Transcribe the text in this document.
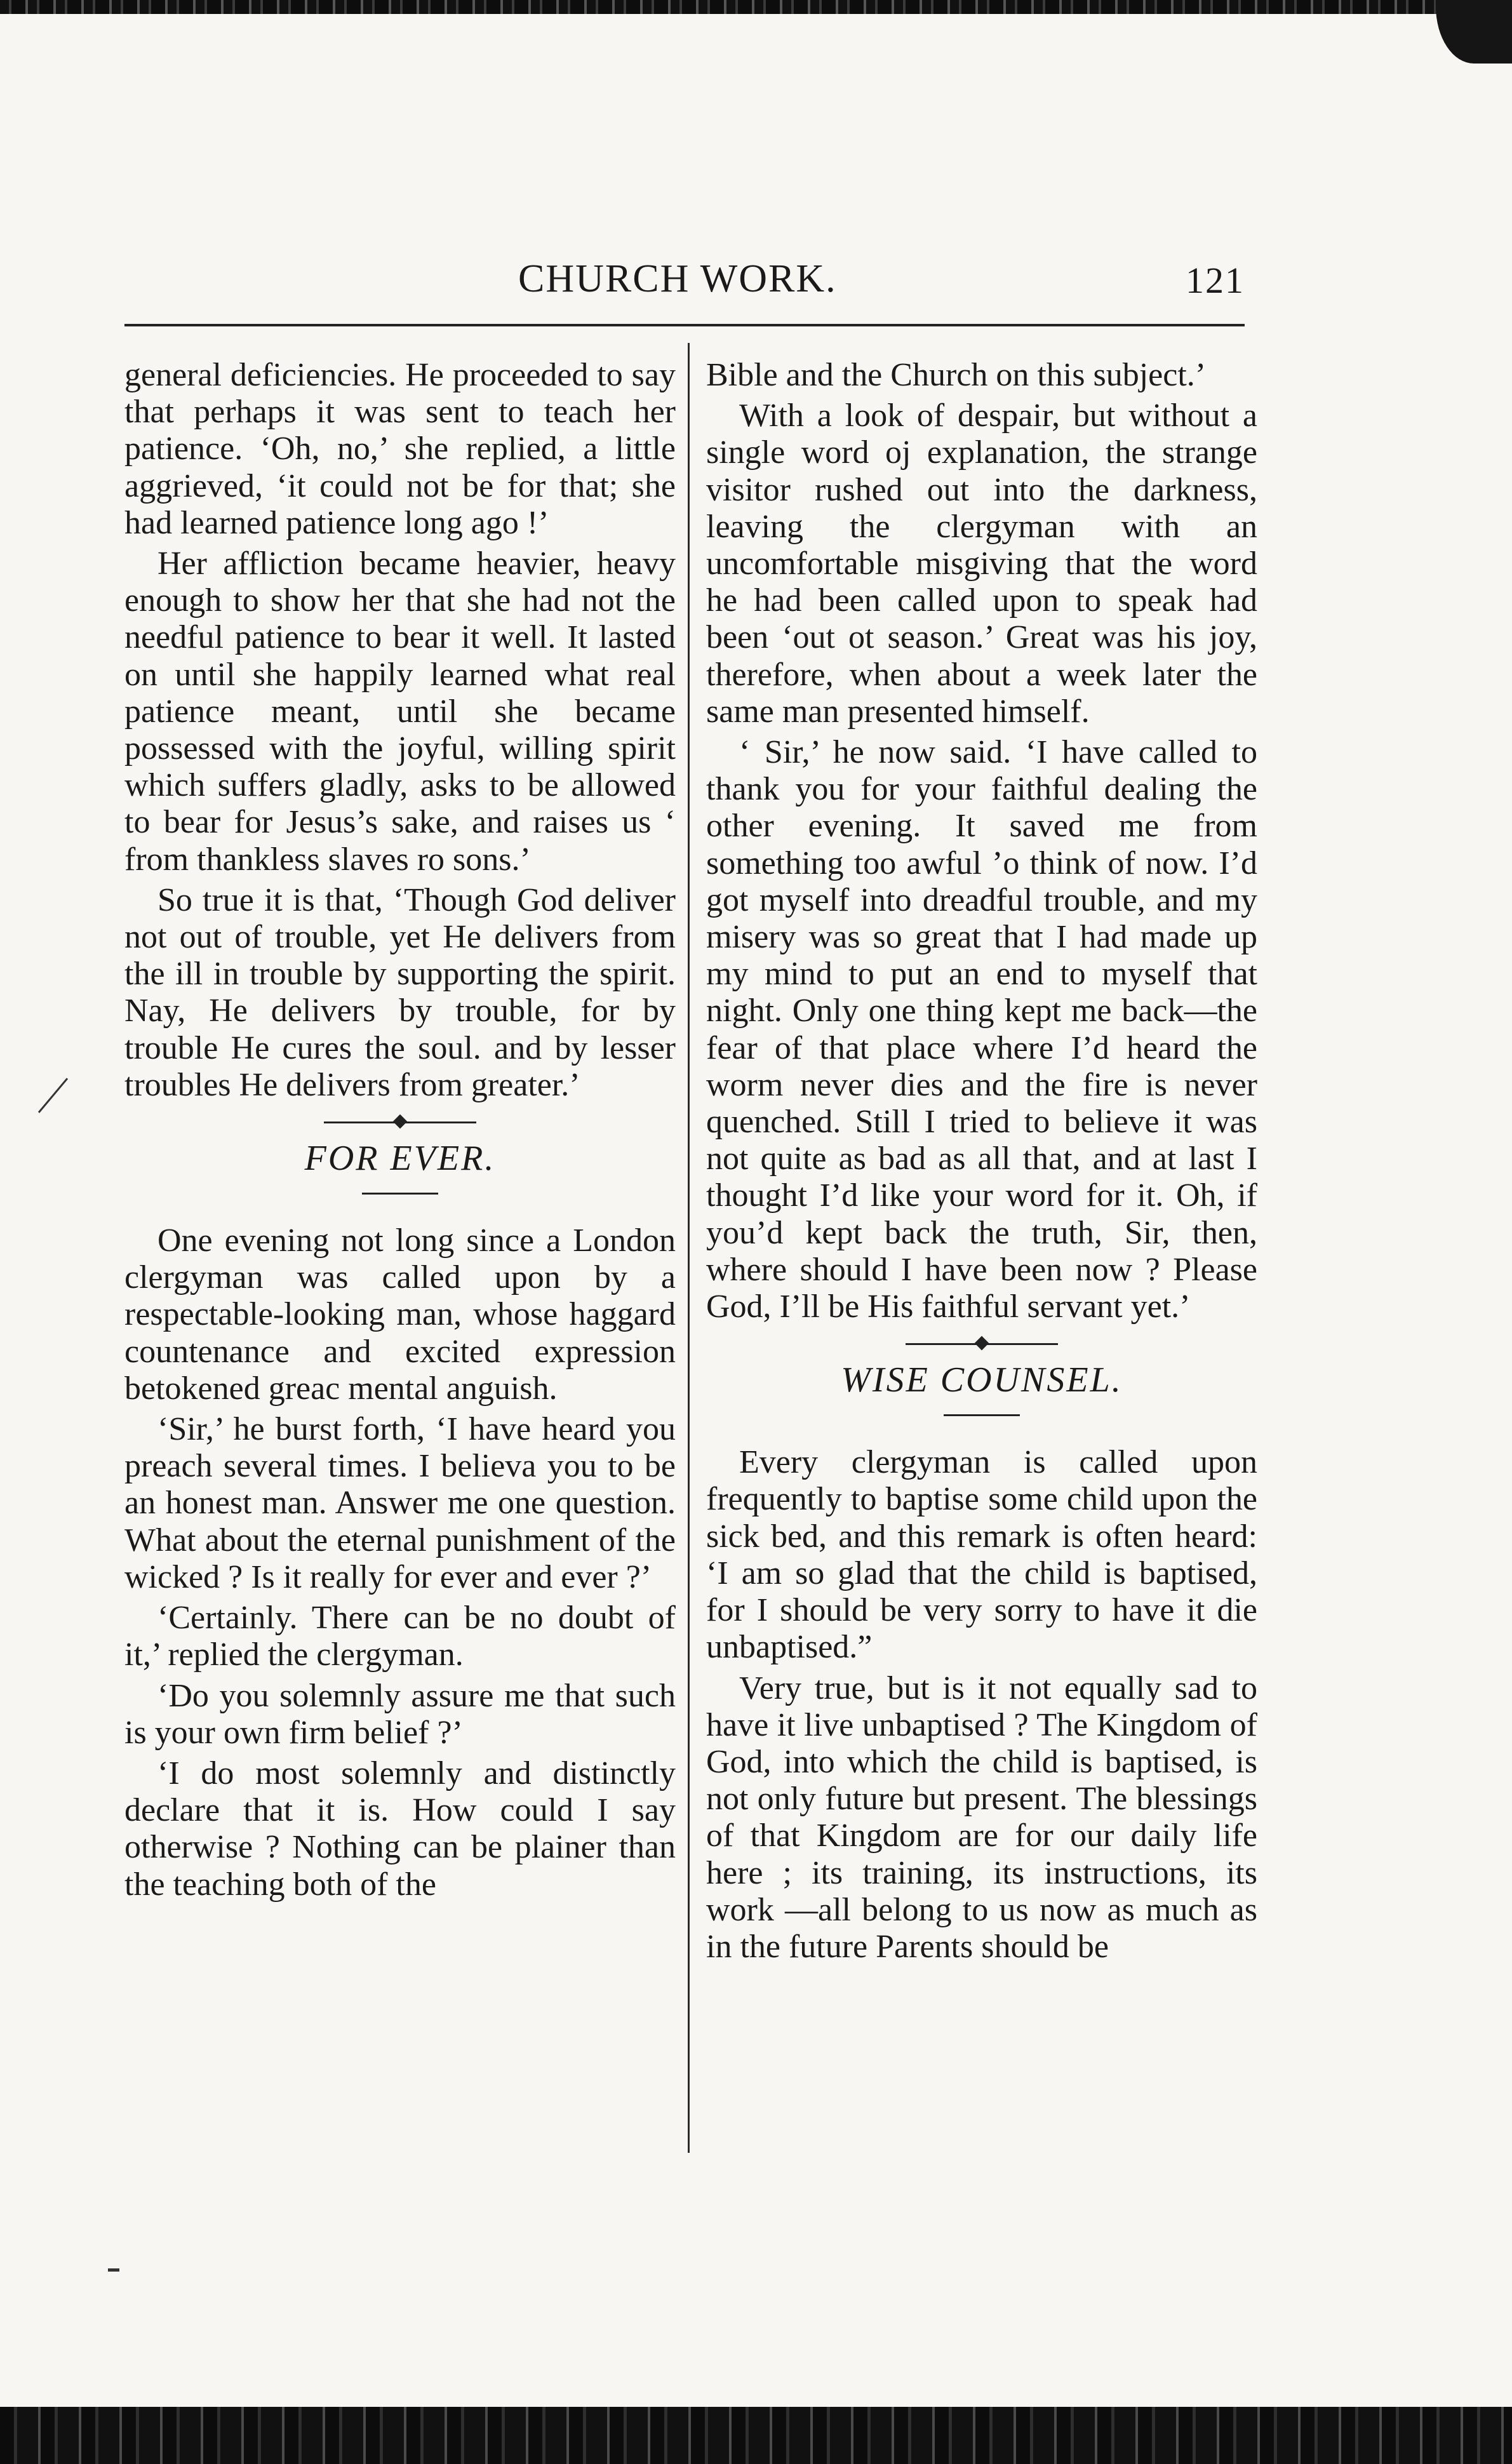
CHURCH WORK.	121

general deficiencies. He proceeded to say that perhaps it was sent to teach her patience. ‘Oh, no,’ she replied, a little aggrieved, ‘it could not be for that; she had learned patience long ago !’

Her affliction became heavier, heavy enough to show her that she had not the needful patience to bear it well. It lasted on until she happily learned what real patience meant, until she became possessed with the joyful, willing spirit which suffers gladly, asks to be allowed to bear for Jesus’s sake, and raises us ‘ from thankless slaves ro sons.’

So true it is that, ‘Though God deliver not out of trouble, yet He delivers from the ill in trouble by supporting the spirit. Nay, He delivers by trouble, for by trouble He cures the soul. and by lesser troubles He delivers from greater.’

FOR EVER.

One evening not long since a London clergyman was called upon by a respectable-looking man, whose haggard countenance and excited expression betokened greac mental anguish.

‘Sir,’ he burst forth, ‘I have heard you preach several times. I believa you to be an honest man. Answer me one question. What about the eternal punishment of the wicked ? Is it really for ever and ever ?’

‘Certainly. There can be no doubt of it,’ replied the clergyman.

‘Do you solemnly assure me that such is your own firm belief ?’

‘I do most solemnly and distinctly declare that it is. How could I say otherwise ? Nothing can be plainer than the teaching both of the

Bible and the Church on this subject.’

With a look of despair, but without a single word oj explanation, the strange visitor rushed out into the darkness, leaving the clergyman with an uncomfortable misgiving that the word he had been called upon to speak had been ‘out ot season.’ Great was his joy, therefore, when about a week later the same man presented himself.

‘ Sir,’ he now said. ‘I have called to thank you for your faithful dealing the other evening. It saved me from something too awful ’o think of now. I’d got myself into dreadful trouble, and my misery was so great that I had made up my mind to put an end to myself that night. Only one thing kept me back—the fear of that place where I’d heard the worm never dies and the fire is never quenched. Still I tried to believe it was not quite as bad as all that, and at last I thought I’d like your word for it. Oh, if you’d kept back the truth, Sir, then, where should I have been now ? Please God, I’ll be His faithful servant yet.’

WISE COUNSEL.

Every clergyman is called upon frequently to baptise some child upon the sick bed, and this remark is often heard: ‘I am so glad that the child is baptised, for I should be very sorry to have it die unbaptised.”

Very true, but is it not equally sad to have it live unbaptised ? The Kingdom of God, into which the child is baptised, is not only future but present. The blessings of that Kingdom are for our daily life here ; its training, its instructions, its work —all belong to us now as much as in the future Parents should be
